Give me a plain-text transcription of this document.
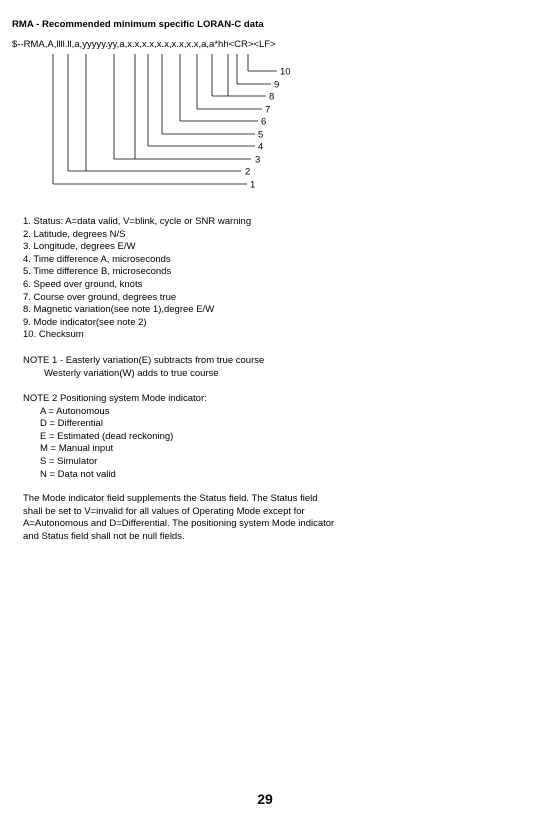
RMA - Recommended minimum specific LORAN-C data
$--RMA,A,llll.ll,a,yyyyy.yy,a,x.x,x.x,x.x,x.x,x.x,a,a*hh<CR><LF>
10
9
8
7
6
5
4
3
2
1
1. Status: A=data valid, V=blink, cycle or SNR warning
2. Latitude, degrees N/S
3. Longitude, degrees E/W
4. Time difference A, microseconds
5. Time difference B, microseconds
6. Speed over ground, knots
7. Course over ground, degrees true
8. Magnetic variation(see note 1),degree E/W
9. Mode indicator(see note 2)
10. Checksum
NOTE 1 - Easterly variation(E) subtracts from true course
Westerly variation(W) adds to true course
NOTE 2 Positioning system Mode indicator:
A = Autonomous
D = Differential
E = Estimated (dead reckoning)
M = Manual input
S = Simulator
N = Data not valid
The Mode indicator field supplements the Status field. The Status field
shall be set to V=invalid for all values of Operating Mode except for
A=Autonomous and D=Differential. The positioning system Mode indicator
and Status field shall not be null fields.
29
